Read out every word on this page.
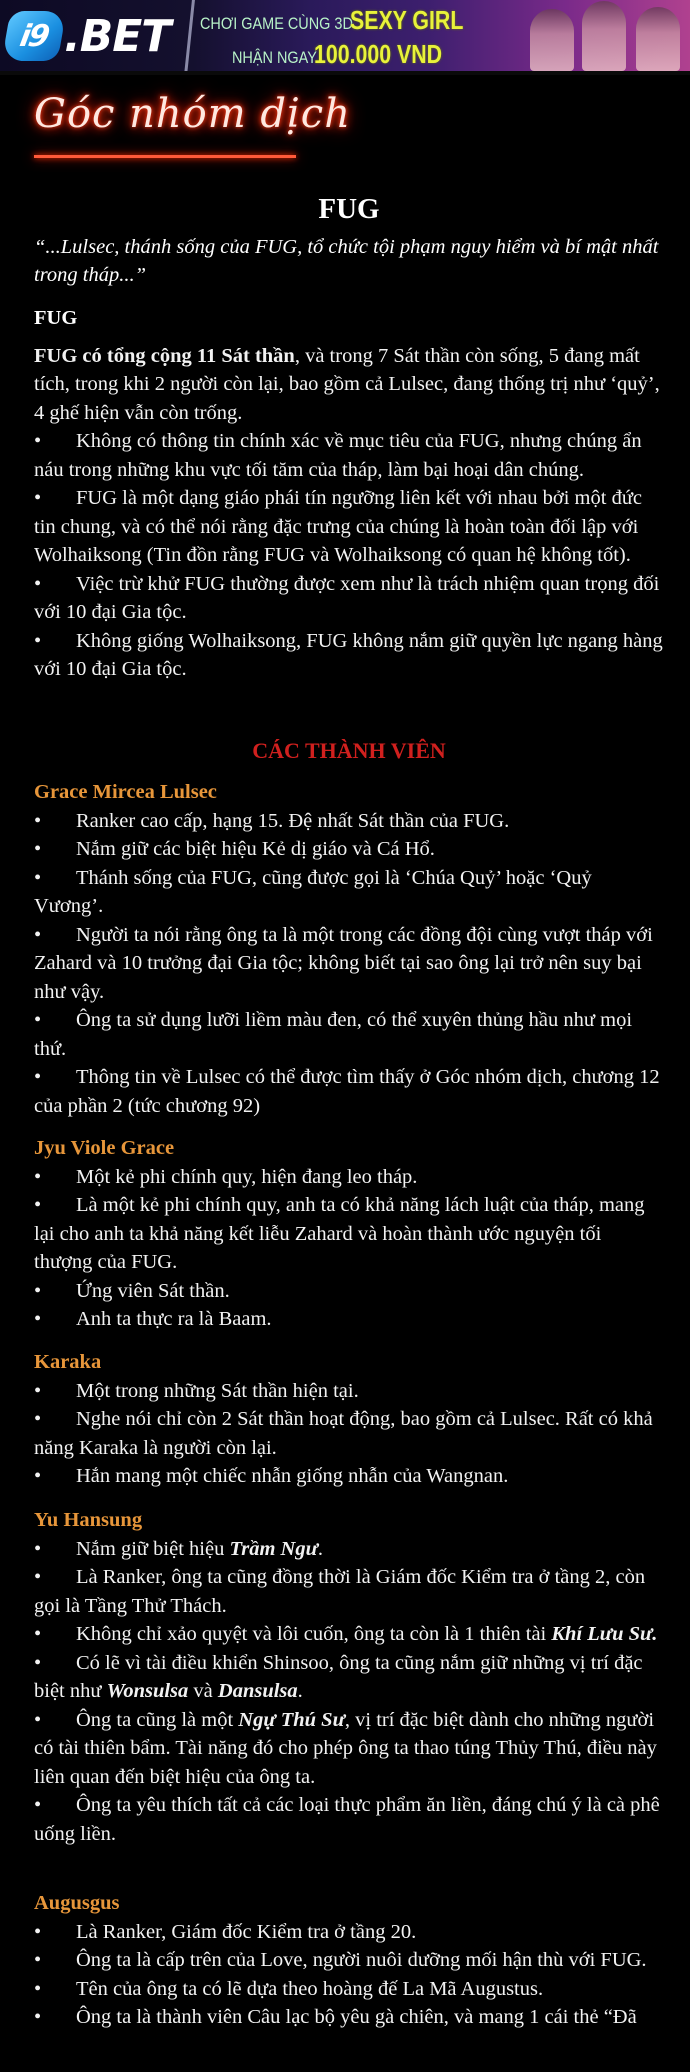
i9 .BET CHƠI GAME CÙNG 3D
SEXY GIRL
NHẬN NGAY
100.000 VND
Góc nhóm dịch
FUG
“...Lulsec, thánh sống của FUG, tổ chức tội phạm nguy hiểm và bí mật nhất trong tháp...”
FUG
FUG có tổng cộng 11 Sát thần, và trong 7 Sát thần còn sống, 5 đang mất tích, trong khi 2 người còn lại, bao gồm cả Lulsec, đang thống trị như ‘quỷ’, 4 ghế hiện vẫn còn trống.
• Không có thông tin chính xác về mục tiêu của FUG, nhưng chúng ẩn náu trong những khu vực tối tăm của tháp, làm bại hoại dân chúng.
• FUG là một dạng giáo phái tín ngưỡng liên kết với nhau bởi một đức tin chung, và có thể nói rằng đặc trưng của chúng là hoàn toàn đối lập với Wolhaiksong (Tin đồn rằng FUG và Wolhaiksong có quan hệ không tốt).
• Việc trừ khử FUG thường được xem như là trách nhiệm quan trọng đối với 10 đại Gia tộc.
• Không giống Wolhaiksong, FUG không nắm giữ quyền lực ngang hàng với 10 đại Gia tộc.
CÁC THÀNH VIÊN
Grace Mircea Lulsec
• Ranker cao cấp, hạng 15. Đệ nhất Sát thần của FUG.
• Nắm giữ các biệt hiệu Kẻ dị giáo và Cá Hổ.
• Thánh sống của FUG, cũng được gọi là ‘Chúa Quỷ’ hoặc ‘Quỷ Vương’.
• Người ta nói rằng ông ta là một trong các đồng đội cùng vượt tháp với Zahard và 10 trưởng đại Gia tộc; không biết tại sao ông lại trở nên suy bại như vậy.
• Ông ta sử dụng lưỡi liềm màu đen, có thể xuyên thủng hầu như mọi thứ.
• Thông tin về Lulsec có thể được tìm thấy ở Góc nhóm dịch, chương 12 của phần 2 (tức chương 92)
Jyu Viole Grace
• Một kẻ phi chính quy, hiện đang leo tháp.
• Là một kẻ phi chính quy, anh ta có khả năng lách luật của tháp, mang lại cho anh ta khả năng kết liễu Zahard và hoàn thành ước nguyện tối thượng của FUG.
• Ứng viên Sát thần.
• Anh ta thực ra là Baam.
Karaka
• Một trong những Sát thần hiện tại.
• Nghe nói chỉ còn 2 Sát thần hoạt động, bao gồm cả Lulsec. Rất có khả năng Karaka là người còn lại.
• Hắn mang một chiếc nhẫn giống nhẫn của Wangnan.
Yu Hansung
• Nắm giữ biệt hiệu Trầm Ngư.
• Là Ranker, ông ta cũng đồng thời là Giám đốc Kiểm tra ở tầng 2, còn gọi là Tầng Thử Thách.
• Không chỉ xảo quyệt và lôi cuốn, ông ta còn là 1 thiên tài Khí Lưu Sư.
• Có lẽ vì tài điều khiển Shinsoo, ông ta cũng nắm giữ những vị trí đặc biệt như Wonsulsa và Dansulsa.
• Ông ta cũng là một Ngự Thú Sư, vị trí đặc biệt dành cho những người có tài thiên bẩm. Tài năng đó cho phép ông ta thao túng Thủy Thú, điều này liên quan đến biệt hiệu của ông ta.
• Ông ta yêu thích tất cả các loại thực phẩm ăn liền, đáng chú ý là cà phê uống liền.
Augusgus
• Là Ranker, Giám đốc Kiểm tra ở tầng 20.
• Ông ta là cấp trên của Love, người nuôi dưỡng mối hận thù với FUG.
• Tên của ông ta có lẽ dựa theo hoàng đế La Mã Augustus.
• Ông ta là thành viên Câu lạc bộ yêu gà chiên, và mang 1 cái thẻ “Đã
